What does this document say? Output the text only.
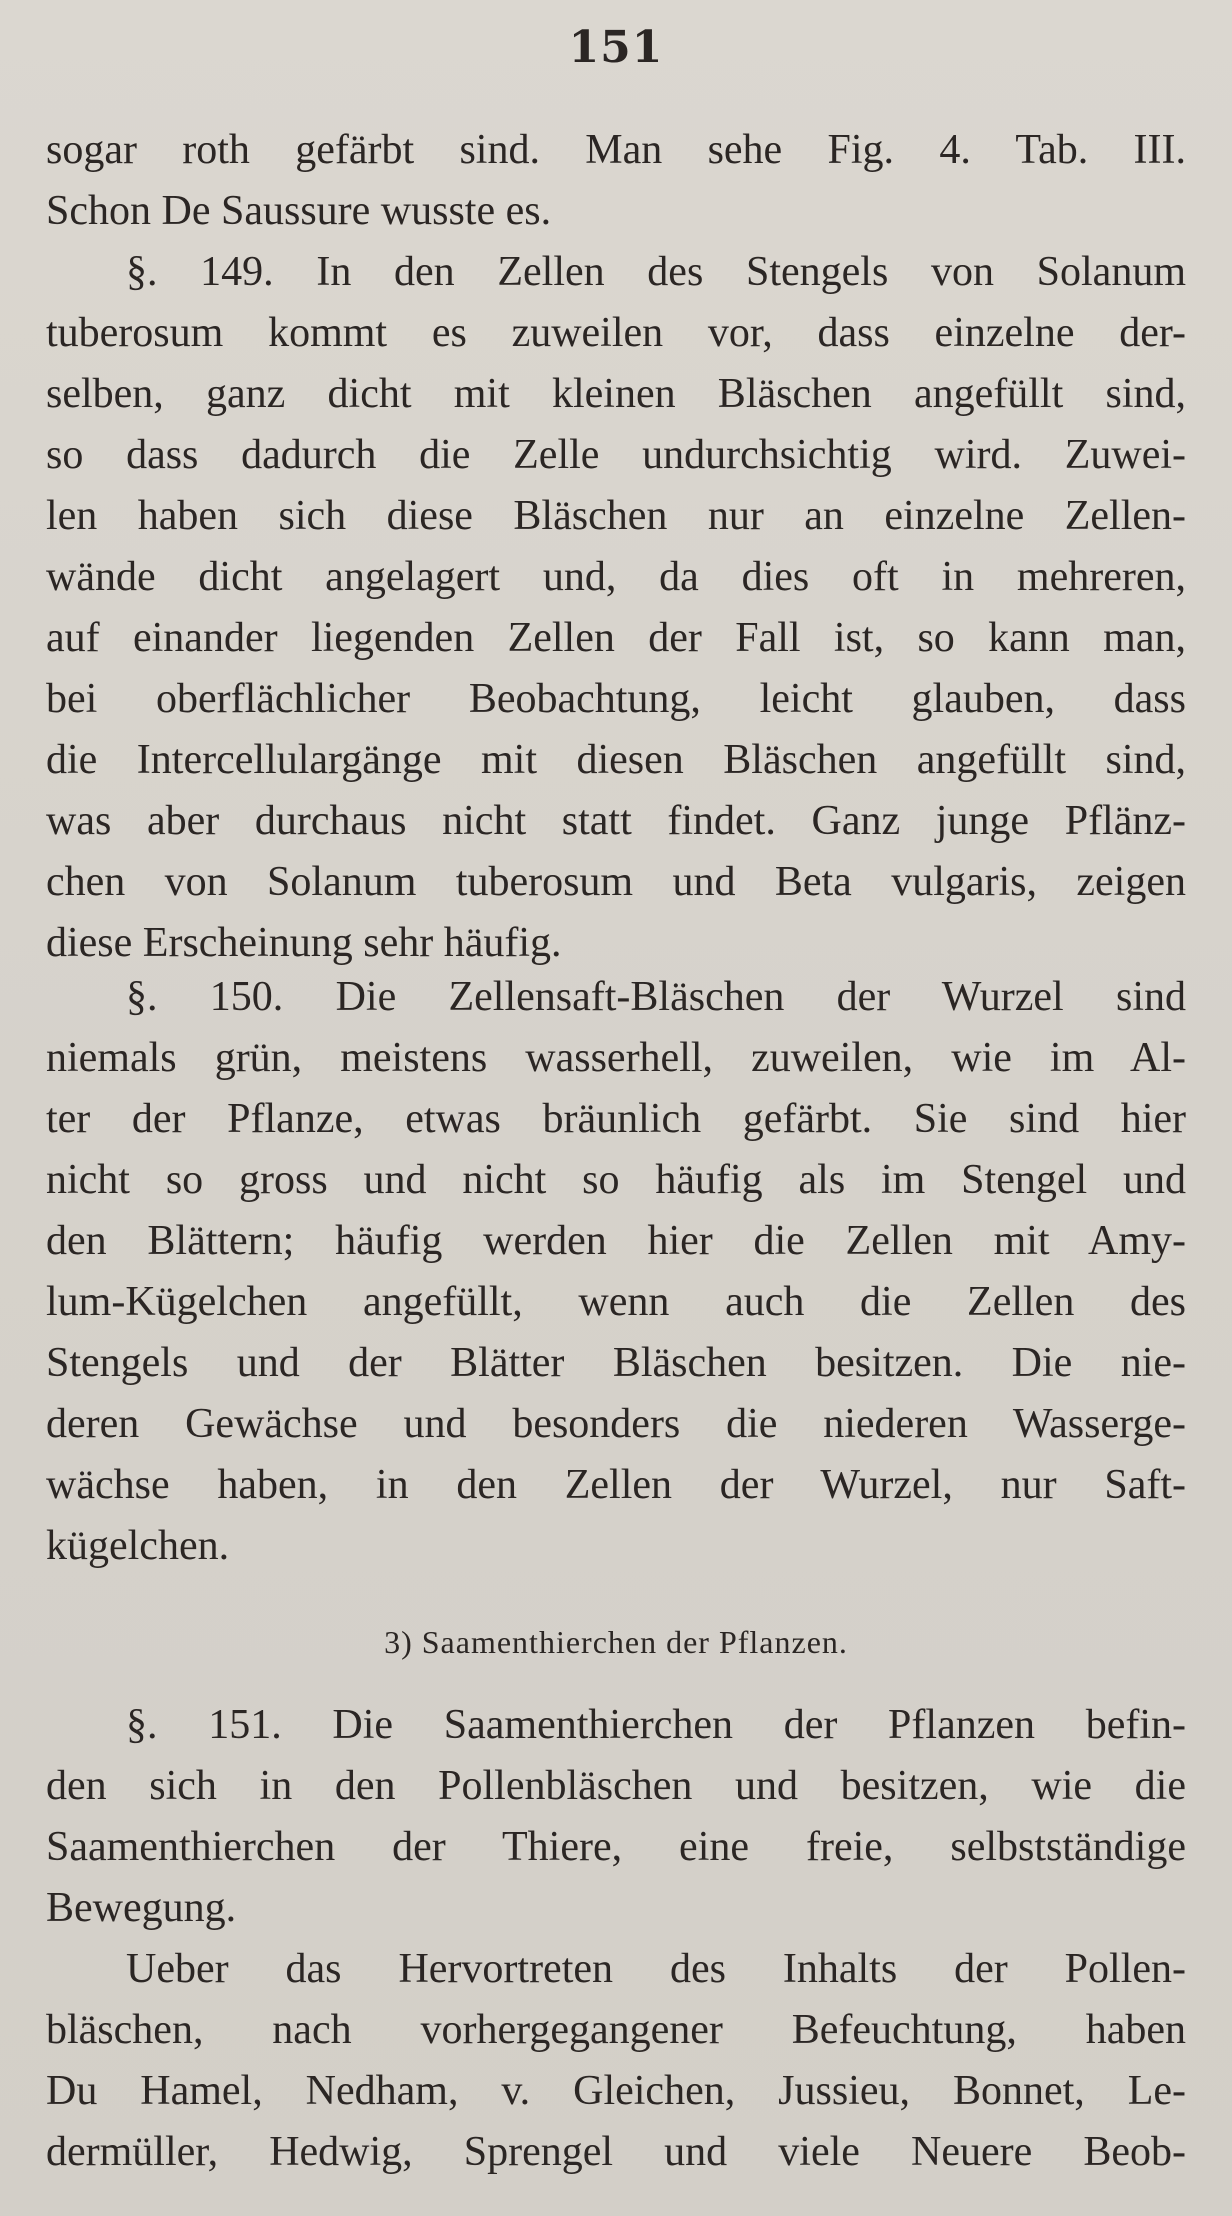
151
sogar roth gefärbt sind. Man sehe Fig. 4. Tab. III.
Schon De Saussure wusste es.
§. 149. In den Zellen des Stengels von Solanum
tuberosum kommt es zuweilen vor, dass einzelne der-
selben, ganz dicht mit kleinen Bläschen angefüllt sind,
so dass dadurch die Zelle undurchsichtig wird. Zuwei-
len haben sich diese Bläschen nur an einzelne Zellen-
wände dicht angelagert und, da dies oft in mehreren,
auf einander liegenden Zellen der Fall ist, so kann man,
bei oberflächlicher Beobachtung, leicht glauben, dass
die Intercellulargänge mit diesen Bläschen angefüllt sind,
was aber durchaus nicht statt findet. Ganz junge Pflänz-
chen von Solanum tuberosum und Beta vulgaris, zeigen
diese Erscheinung sehr häufig.
§. 150. Die Zellensaft-Bläschen der Wurzel sind
niemals grün, meistens wasserhell, zuweilen, wie im Al-
ter der Pflanze, etwas bräunlich gefärbt. Sie sind hier
nicht so gross und nicht so häufig als im Stengel und
den Blättern; häufig werden hier die Zellen mit Amy-
lum-Kügelchen angefüllt, wenn auch die Zellen des
Stengels und der Blätter Bläschen besitzen. Die nie-
deren Gewächse und besonders die niederen Wasserge-
wächse haben, in den Zellen der Wurzel, nur Saft-
kügelchen.
3) Saamenthierchen der Pflanzen.
§. 151. Die Saamenthierchen der Pflanzen befin-
den sich in den Pollenbläschen und besitzen, wie die
Saamenthierchen der Thiere, eine freie, selbstständige
Bewegung.
Ueber das Hervortreten des Inhalts der Pollen-
bläschen, nach vorhergegangener Befeuchtung, haben
Du Hamel, Nedham, v. Gleichen, Jussieu, Bonnet, Le-
dermüller, Hedwig, Sprengel und viele Neuere Beob-
